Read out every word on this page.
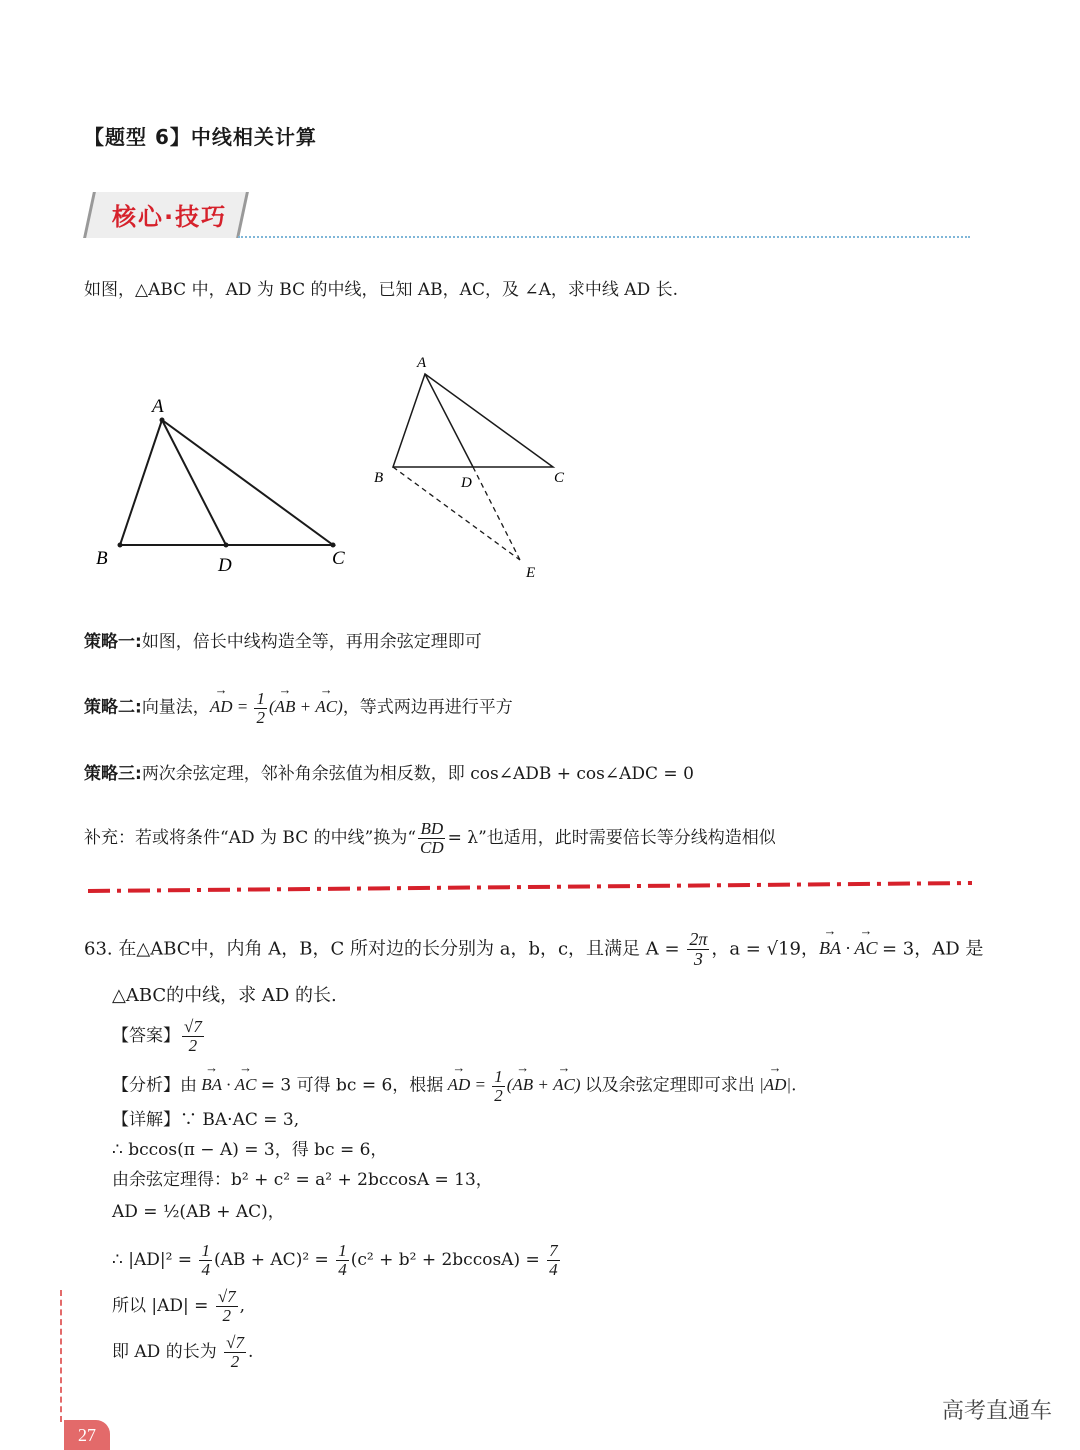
【题型 6】中线相关计算
核心·技巧
如图，△ABC 中，AD 为 BC 的中线，已知 AB，AC，及 ∠A，求中线 AD 长.
A
B	D	C
A
B	D	C
E
策略一:如图，倍长中线构造全等，再用余弦定理即可
策略二:向量法，→ AD = $\frac{1}{2}$ (→ AB + → AC)，等式两边再进行平方
策略三:两次余弦定理，邻补角余弦值为相反数，即 cos∠ADB + cos∠ADC = 0
补充：若或将条件“AD 为 BC 的中线”换为“ $\frac{BD}{CD} = \lambda$”也适用，此时需要倍长等分线构造相似
63. 在△ABC中，内角 A，B，C 所对边的长分别为 a，b，c，且满足 $A = \frac{2\pi}{3}$ ，a = √19，→ BA · → AC = 3，AD 是
△ABC的中线，求 AD 的长.
【答案】 $\frac{√7}{2}$
【分析】由 → BA · → AC = 3 可得 bc = 6，根据 → AD = $\frac{1}{2}$ (→ AB + → AC) 以及余弦定理即可求出 |→ AD|.
【详解】∵ BA·AC = 3,
∴ bccos(π − A) = 3，得 bc = 6，
由余弦定理得：b² + c² = a² + 2bccosA = 13，
AD = ½(AB + AC)，
∴ $|AD|^2 = \frac{1}{4} (AB + AC)^2 = \frac{1}{4} (c^2 + b^2 + 2bccosA) = \frac{7}{4}$
所以 $|AD| = \frac{√7}{2}$ ,
即 AD 的长为 $\frac{√7}{2}$ .
27
高考直通车
